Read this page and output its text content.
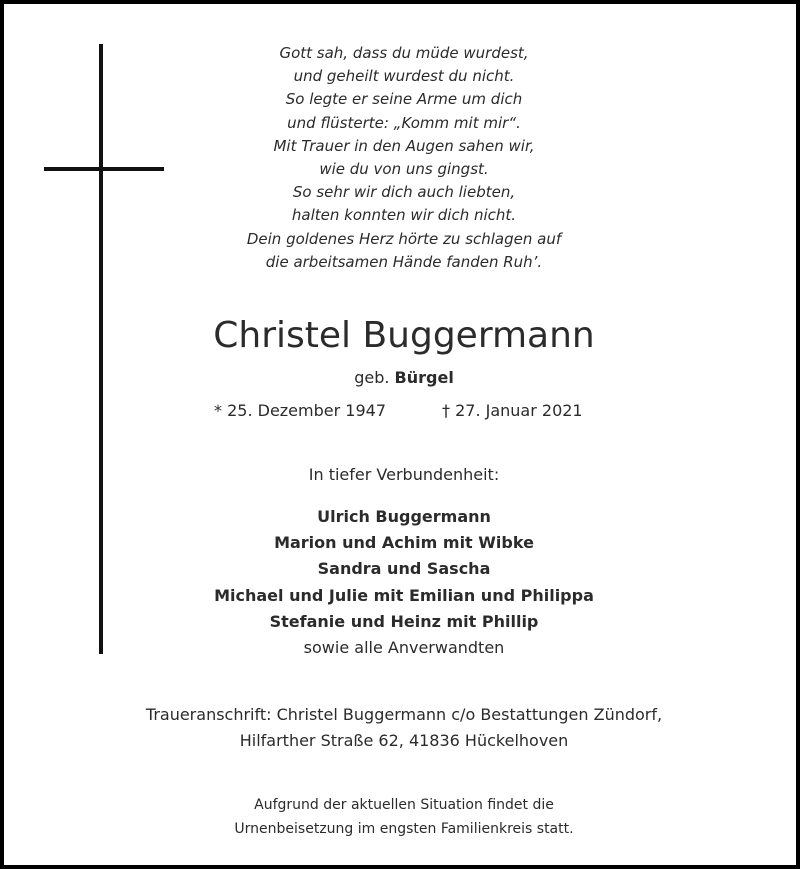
Gott sah, dass du müde wurdest,
und geheilt wurdest du nicht.
So legte er seine Arme um dich
und flüsterte: „Komm mit mir“.
Mit Trauer in den Augen sahen wir,
wie du von uns gingst.
So sehr wir dich auch liebten,
halten konnten wir dich nicht.
Dein goldenes Herz hörte zu schlagen auf
die arbeitsamen Hände fanden Ruh’.
Christel Buggermann
geb. Bürgel
* 25. Dezember 1947	† 27. Januar 2021
In tiefer Verbundenheit:
Ulrich Buggermann
Marion und Achim mit Wibke
Sandra und Sascha
Michael und Julie mit Emilian und Philippa
Stefanie und Heinz mit Phillip
sowie alle Anverwandten
Traueranschrift: Christel Buggermann c/o Bestattungen Zündorf,
Hilfarther Straße 62, 41836 Hückelhoven
Aufgrund der aktuellen Situation findet die
Urnenbeisetzung im engsten Familienkreis statt.
